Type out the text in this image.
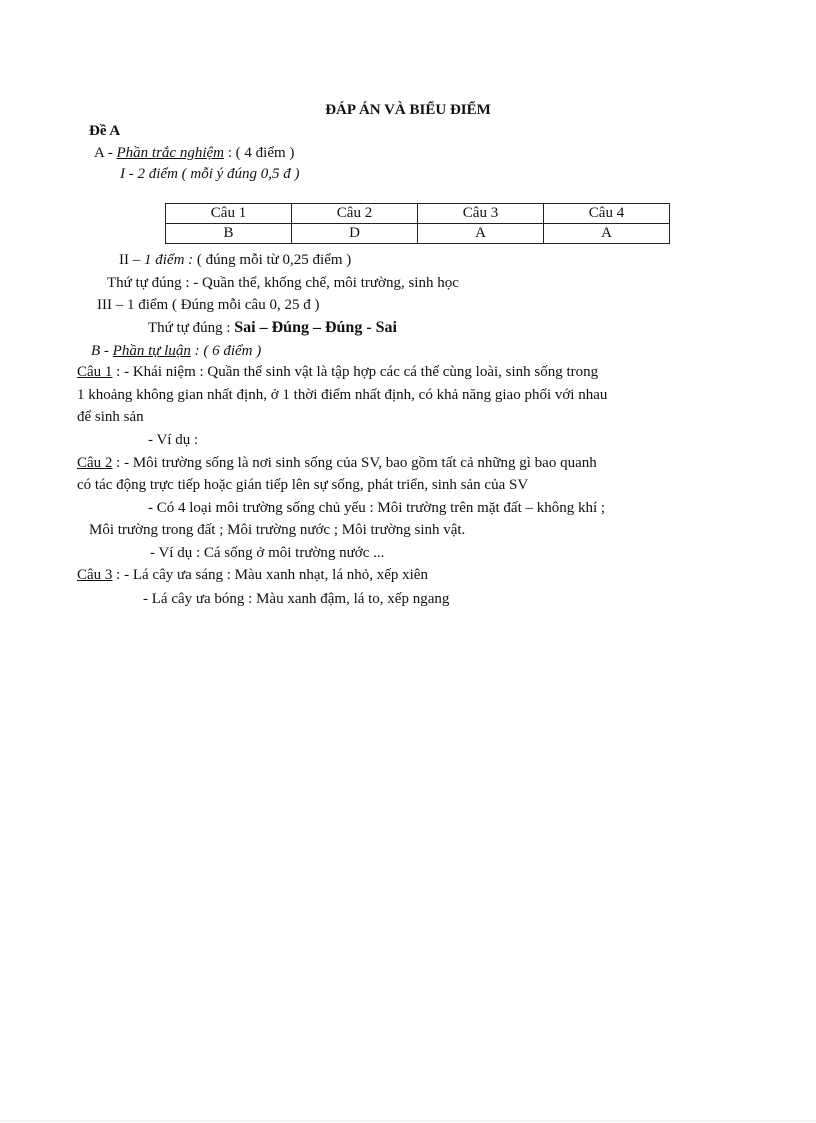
ĐÁP ÁN VÀ BIỂU ĐIỂM
Đề A
A - Phần trắc nghiệm : ( 4 điểm )
I - 2 điểm ( mỗi ý đúng 0,5 đ )
Câu 1	Câu 2	Câu 3	Câu 4
B	D	A	A
II – 1 điểm : ( đúng mỗi từ 0,25 điểm )
Thứ tự đúng : - Quần thể, khống chế, môi trường, sinh học
III – 1 điểm ( Đúng mỗi câu 0, 25 đ )
Thứ tự đúng : Sai – Đúng – Đúng - Sai
B - Phần tự luận : ( 6 điểm )
Câu 1 : - Khái niệm : Quần thể sinh vật là tập hợp các cá thể cùng loài, sinh sống trong
1 khoảng không gian nhất định, ở 1 thời điểm nhất định, có khả năng giao phối với nhau
để sinh sản
- Ví dụ :
Câu 2 : - Môi trường sống là nơi sinh sống của SV, bao gồm tất cả những gì bao quanh
có tác động trực tiếp hoặc gián tiếp lên sự sống, phát triển, sinh sản của SV
- Có 4 loại môi trường sống chủ yếu : Môi trường trên mặt đất – không khí ;
Môi trường trong đất ; Môi trường nước ; Môi trường sinh vật.
- Ví dụ : Cá sống ở môi trường nước ...
Câu 3 : - Lá cây ưa sáng : Màu xanh nhạt, lá nhỏ, xếp xiên
- Lá cây ưa bóng : Màu xanh đậm, lá to, xếp ngang
